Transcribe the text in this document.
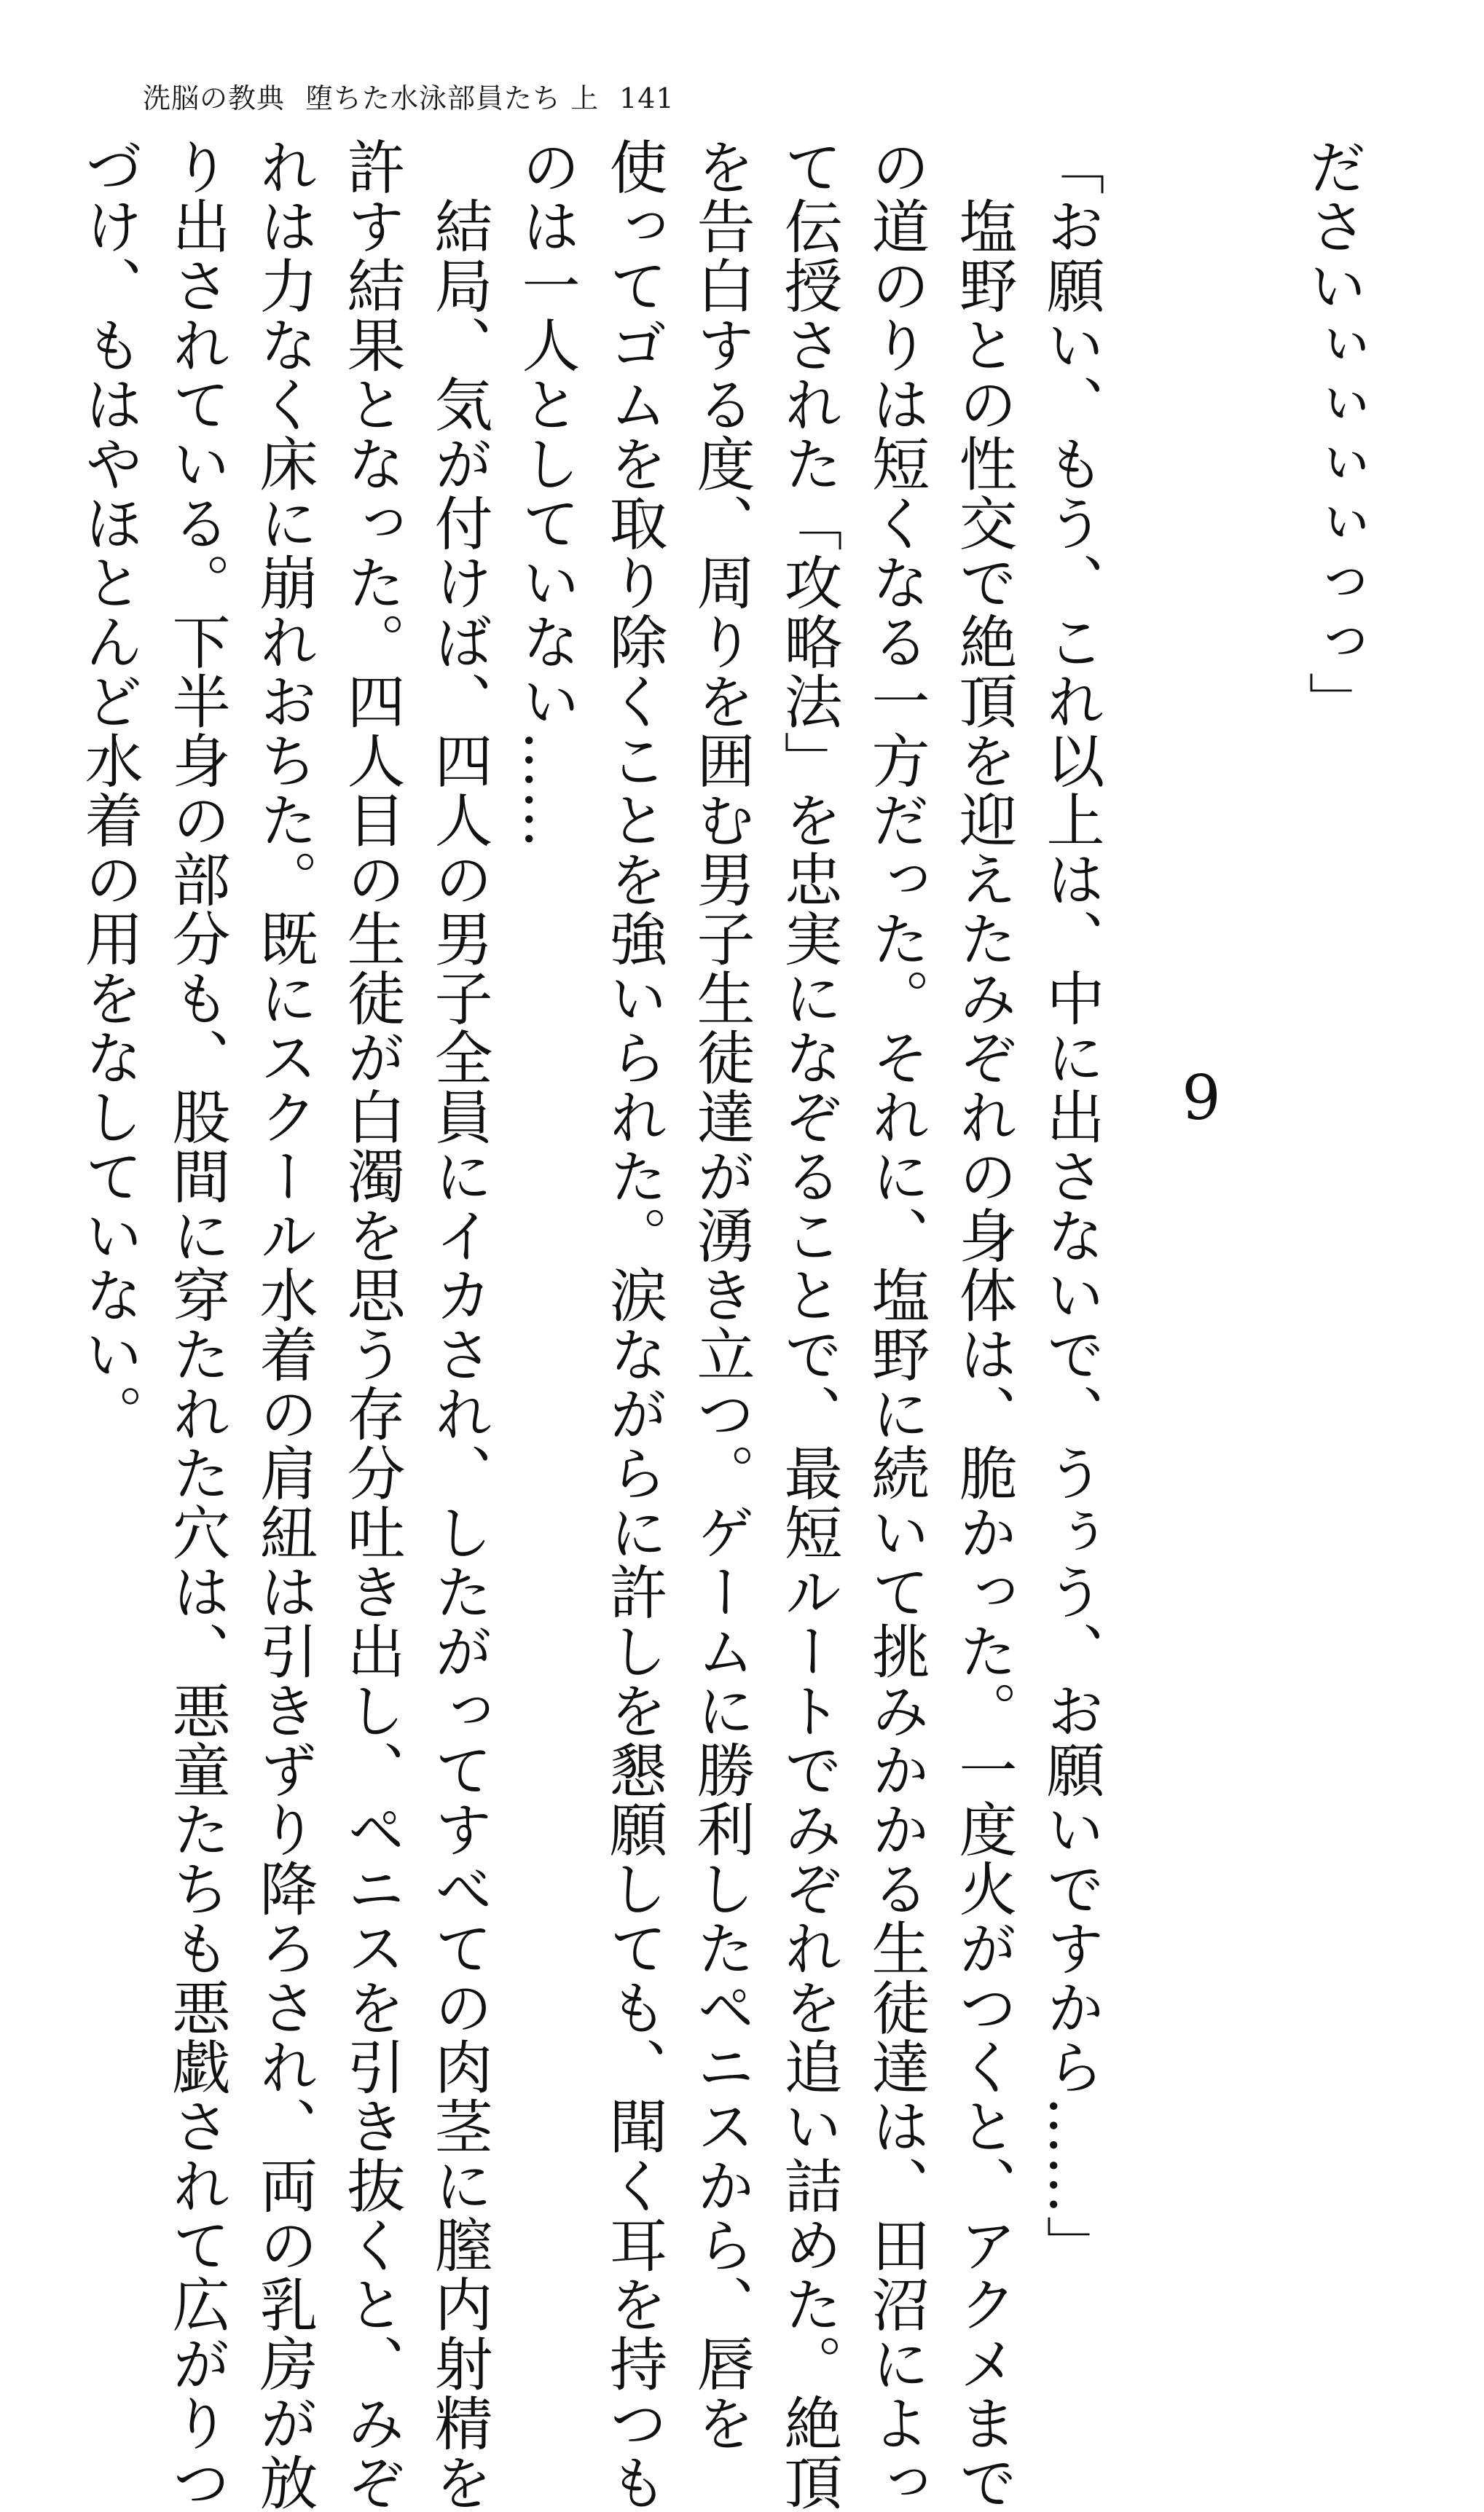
洗脳の教典 堕ちた水泳部員たち 上 141
ださいぃぃぃぃっっ」
9
「お願い、もう、これ以上は、中に出さないで、うぅう、お願いですから……」
　塩野との性交で絶頂を迎えたみぞれの身体は、脆かった。一度火がつくと、アクメまで
の道のりは短くなる一方だった。それに、塩野に続いて挑みかかる生徒達は、田沼によっ
て伝授された「攻略法」を忠実になぞることで、最短ルートでみぞれを追い詰めた。絶頂
を告白する度、周りを囲む男子生徒達が湧き立つ。ゲームに勝利したペニスから、唇を
使ってゴムを取り除くことを強いられた。涙ながらに許しを懇願しても、聞く耳を持つも
のは一人としていない……
　結局、気が付けば、四人の男子全員にイカされ、したがってすべての肉茎に膣内射精を
許す結果となった。四人目の生徒が白濁を思う存分吐き出し、ペニスを引き抜くと、みぞ
れは力なく床に崩れおちた。既にスクール水着の肩紐は引きずり降ろされ、両の乳房が放
り出されている。下半身の部分も、股間に穿たれた穴は、悪童たちも悪戯されて広がりつ
づけ、もはやほとんど水着の用をなしていない。
